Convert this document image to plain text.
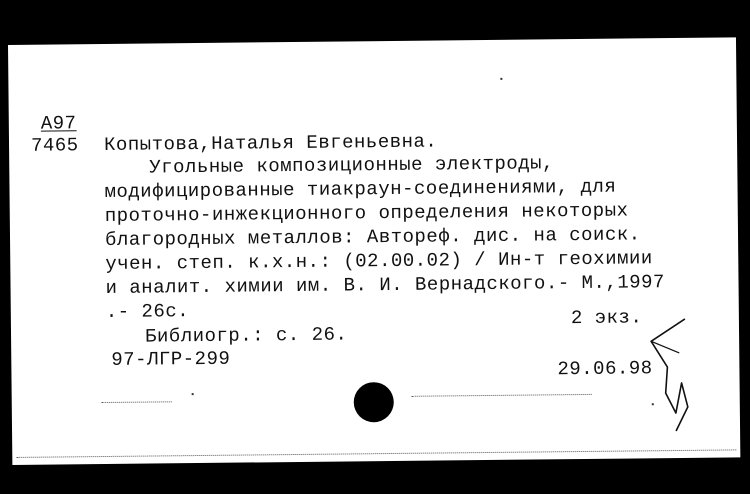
А97
7465 Копытова,Наталья Евгеньевна.
Угольные композиционные электроды,
модифицированные тиакраун-соединениями, для
проточно-инжекционного определения некоторых
благородных металлов: Автореф. дис. на соиск.
учен. степ. к.х.н.: (02.00.02) / Ин-т геохимии
и аналит. химии им. В. И. Вернадского.- М.,1997
.- 26с.	2 экз.
Библиогр.: с. 26.
97-ЛГР-299	29.06.98
